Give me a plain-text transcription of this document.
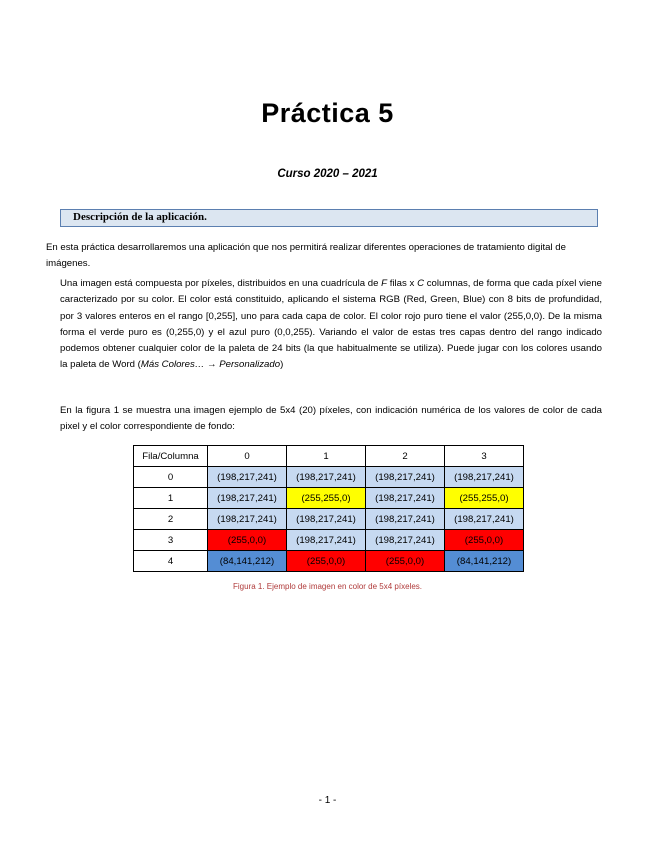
Práctica 5
Curso 2020 – 2021
Descripción de la aplicación.
En esta práctica desarrollaremos una aplicación que nos permitirá realizar diferentes operaciones de tratamiento digital de imágenes.
Una imagen está compuesta por píxeles, distribuidos en una cuadrícula de F filas x C columnas, de forma que cada píxel viene caracterizado por su color. El color está constituido, aplicando el sistema RGB (Red, Green, Blue) con 8 bits de profundidad, por 3 valores enteros en el rango [0,255], uno para cada capa de color. El color rojo puro tiene el valor (255,0,0). De la misma forma el verde puro es (0,255,0) y el azul puro (0,0,255). Variando el valor de estas tres capas dentro del rango indicado podemos obtener cualquier color de la paleta de 24 bits (la que habitualmente se utiliza). Puede jugar con los colores usando la paleta de Word (Más Colores… → Personalizado)
En la figura 1 se muestra una imagen ejemplo de 5x4 (20) píxeles, con indicación numérica de los valores de color de cada pixel y el color correspondiente de fondo:
Fila/Columna	0	1	2	3
0	(198,217,241)	(198,217,241)	(198,217,241)	(198,217,241)
1	(198,217,241)	(255,255,0)	(198,217,241)	(255,255,0)
2	(198,217,241)	(198,217,241)	(198,217,241)	(198,217,241)
3	(255,0,0)	(198,217,241)	(198,217,241)	(255,0,0)
4	(84,141,212)	(255,0,0)	(255,0,0)	(84,141,212)
Figura 1. Ejemplo de imagen en color de 5x4 píxeles.
- 1 -
